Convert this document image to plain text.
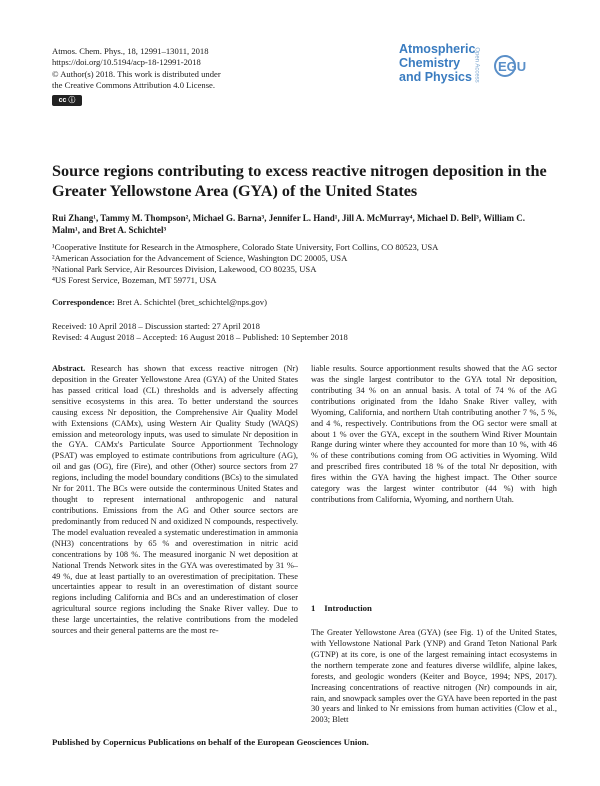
Atmos. Chem. Phys., 18, 12991–13011, 2018
https://doi.org/10.5194/acp-18-12991-2018
© Author(s) 2018. This work is distributed under
the Creative Commons Attribution 4.0 License.
cc ⓘ
Atmospheric
Chemistry
and Physics Open Access EGU
Source regions contributing to excess reactive nitrogen deposition in the Greater Yellowstone Area (GYA) of the United States
Rui Zhang¹, Tammy M. Thompson², Michael G. Barna³, Jennifer L. Hand¹, Jill A. McMurray⁴, Michael D. Bell³, William C. Malm¹, and Bret A. Schichtel³
¹Cooperative Institute for Research in the Atmosphere, Colorado State University, Fort Collins, CO 80523, USA
²American Association for the Advancement of Science, Washington DC 20005, USA
³National Park Service, Air Resources Division, Lakewood, CO 80235, USA
⁴US Forest Service, Bozeman, MT 59771, USA
Correspondence: Bret A. Schichtel (bret_schichtel@nps.gov)
Received: 10 April 2018 – Discussion started: 27 April 2018
Revised: 4 August 2018 – Accepted: 16 August 2018 – Published: 10 September 2018

Abstract. Research has shown that excess reactive nitrogen (Nr) deposition in the Greater Yellowstone Area (GYA) of the United States has passed critical load (CL) thresholds and is adversely affecting sensitive ecosystems in this area. To better understand the sources causing excess Nr deposition, the Comprehensive Air Quality Model with Extensions (CAMx), using Western Air Quality Study (WAQS) emission and meteorology inputs, was used to simulate Nr deposition in the GYA. CAMx's Particulate Source Apportionment Technology (PSAT) was employed to estimate contributions from agriculture (AG), oil and gas (OG), fire (Fire), and other (Other) source sectors from 27 regions, including the model boundary conditions (BCs) to the simulated Nr for 2011. The BCs were outside the conterminous United States and thought to represent international anthropogenic and natural contributions. Emissions from the AG and Other source sectors are predominantly from reduced N and oxidized N compounds, respectively. The model evaluation revealed a systematic underestimation in ammonia (NH3) concentrations by 65 % and overestimation in nitric acid concentrations by 108 %. The measured inorganic N wet deposition at National Trends Network sites in the GYA was overestimated by 31 %–49 %, due at least partially to an overestimation of precipitation. These uncertainties appear to result in an overestimation of distant source regions including California and BCs and an underestimation of closer agricultural source regions including the Snake River valley. Due to these large uncertainties, the relative contributions from the modeled sources and their general patterns are the most re-

liable results. Source apportionment results showed that the AG sector was the single largest contributor to the GYA total Nr deposition, contributing 34 % on an annual basis. A total of 74 % of the AG contributions originated from the Idaho Snake River valley, with Wyoming, California, and northern Utah contributing another 7 %, 5 %, and 4 %, respectively. Contributions from the OG sector were small at about 1 % over the GYA, except in the southern Wind River Mountain Range during winter where they accounted for more than 10 %, with 46 % of these contributions coming from OG activities in Wyoming. Wild and prescribed fires contributed 18 % of the total Nr deposition, with fires within the GYA having the highest impact. The Other source category was the largest winter contributor (44 %) with high contributions from California, Wyoming, and northern Utah.

1 Introduction
The Greater Yellowstone Area (GYA) (see Fig. 1) of the United States, with Yellowstone National Park (YNP) and Grand Teton National Park (GTNP) at its core, is one of the largest remaining intact ecosystems in the northern temperate zone and features diverse wildlife, alpine lakes, forests, and geologic wonders (Keiter and Boyce, 1994; NPS, 2017). Increasing concentrations of reactive nitrogen (Nr) compounds in air, rain, and snowpack samples over the GYA have been reported in the past 30 years and linked to Nr emissions from human activities (Clow et al., 2003; Blett
Published by Copernicus Publications on behalf of the European Geosciences Union.
